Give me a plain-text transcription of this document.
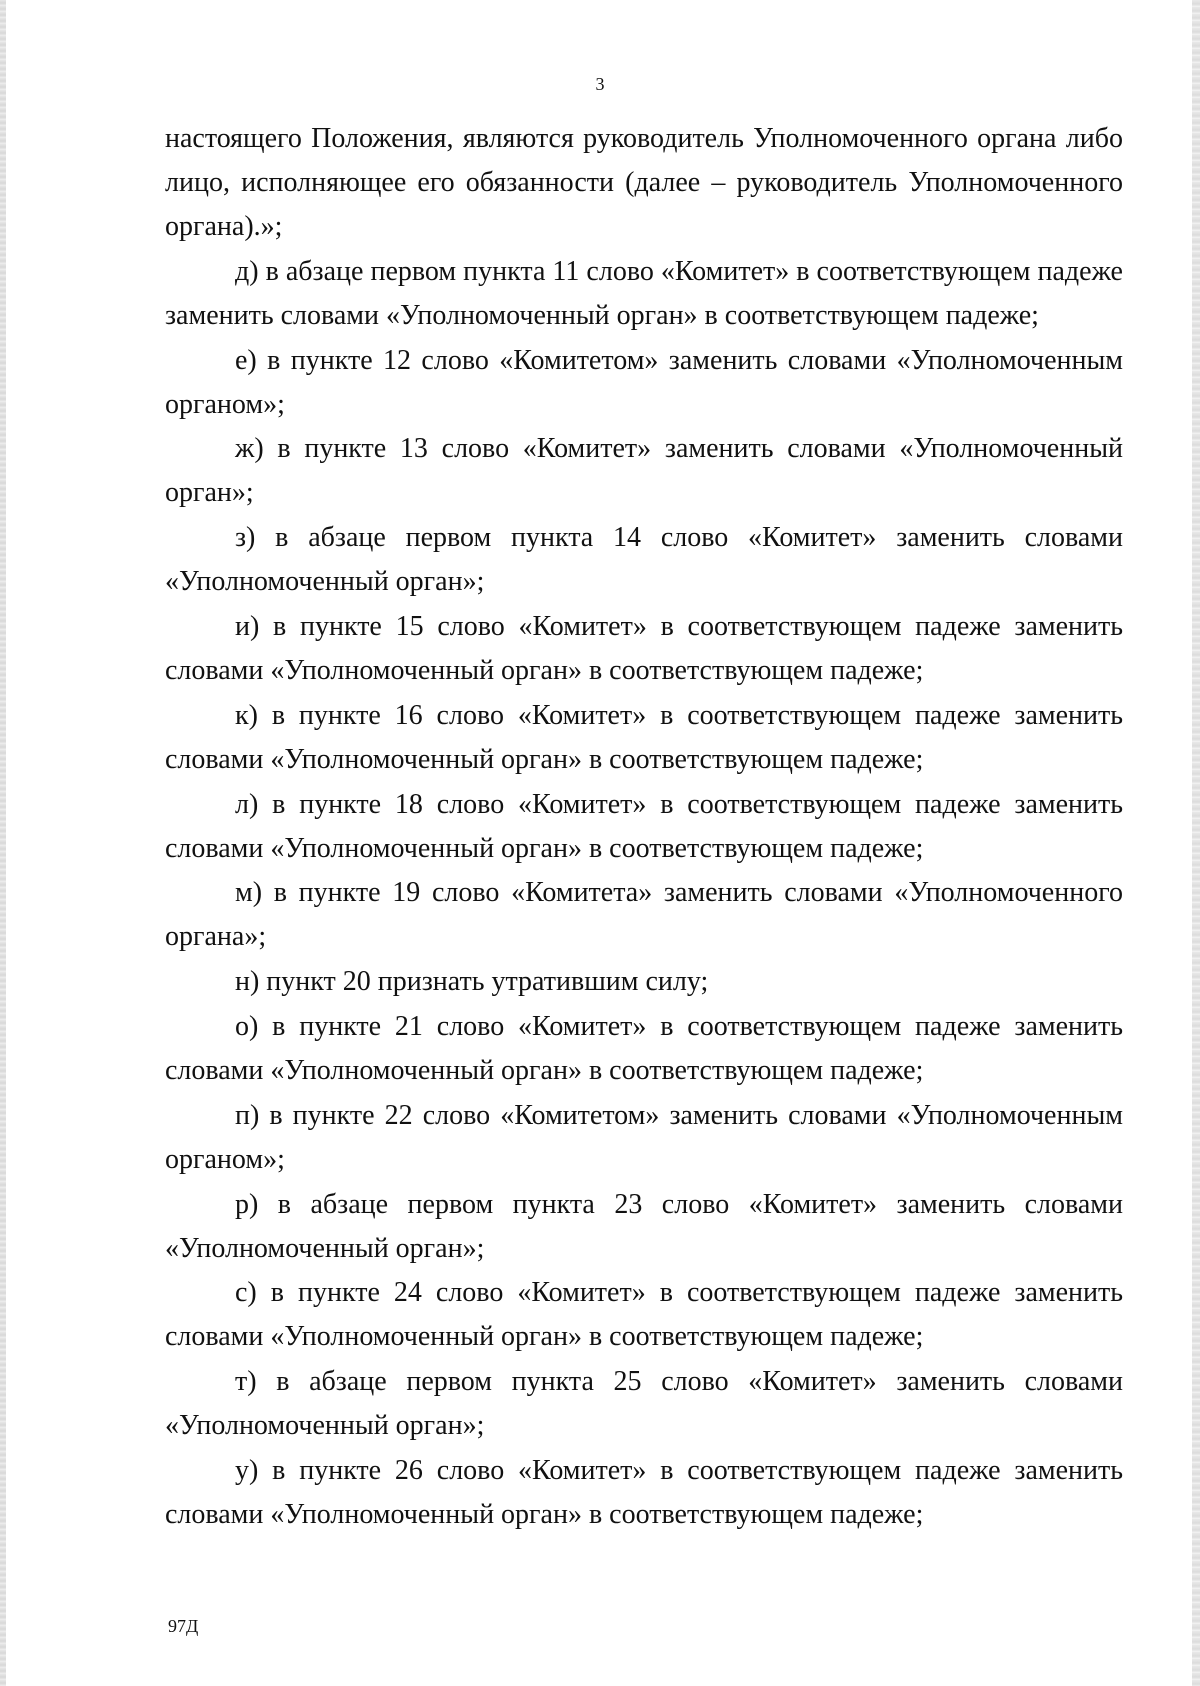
3

настоящего Положения, являются руководитель Уполномоченного органа либо лицо, исполняющее его обязанности (далее – руководитель Уполномоченного органа).»;

д) в абзаце первом пункта 11 слово «Комитет» в соответствующем падеже заменить словами «Уполномоченный орган» в соответствующем падеже;

е) в пункте 12 слово «Комитетом» заменить словами «Уполномоченным органом»;

ж) в пункте 13 слово «Комитет» заменить словами «Уполномоченный орган»;

з) в абзаце первом пункта 14 слово «Комитет» заменить словами «Уполномоченный орган»;

и) в пункте 15 слово «Комитет» в соответствующем падеже заменить словами «Уполномоченный орган» в соответствующем падеже;

к) в пункте 16 слово «Комитет» в соответствующем падеже заменить словами «Уполномоченный орган» в соответствующем падеже;

л) в пункте 18 слово «Комитет» в соответствующем падеже заменить словами «Уполномоченный орган» в соответствующем падеже;

м) в пункте 19 слово «Комитета» заменить словами «Уполномоченного органа»;

н) пункт 20 признать утратившим силу;

о) в пункте 21 слово «Комитет» в соответствующем падеже заменить словами «Уполномоченный орган» в соответствующем падеже;

п) в пункте 22 слово «Комитетом» заменить словами «Уполномоченным органом»;

р) в абзаце первом пункта 23 слово «Комитет» заменить словами «Уполномоченный орган»;

с) в пункте 24 слово «Комитет» в соответствующем падеже заменить словами «Уполномоченный орган» в соответствующем падеже;

т) в абзаце первом пункта 25 слово «Комитет» заменить словами «Уполномоченный орган»;

у) в пункте 26 слово «Комитет» в соответствующем падеже заменить словами «Уполномоченный орган» в соответствующем падеже;

97Д
